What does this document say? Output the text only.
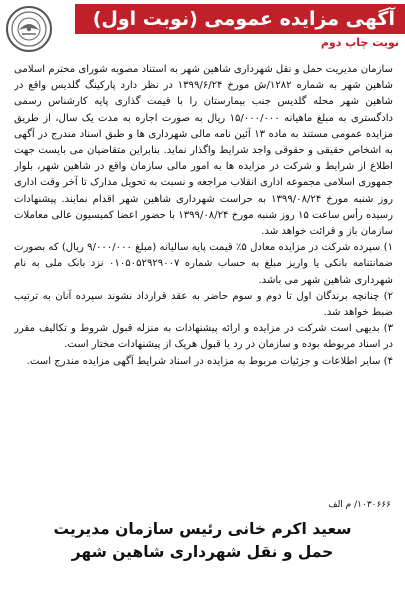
آگهی مزایده عمومی (نوبت اول)
نوبت چاپ دوم

سازمان مدیریت حمل و نقل شهرداری شاهین شهر به استناد مصوبه شورای محترم اسلامی شاهین شهر به شماره ۱۲۸۲/ش مورخ ۱۳۹۹/۶/۲۴ در نظر دارد پارکینگ گلدیس واقع در شاهین شهر محله گلدیس جنب بیمارستان را با قیمت گذاری پایه کارشناس رسمی دادگستری به مبلغ ماهیانه ۱۵/۰۰۰/۰۰۰ ریال به صورت اجاره به مدت یک سال، از طریق مزایده عمومی مستند به ماده ۱۳ آئین نامه مالی شهرداری ها و طبق اسناد مندرج در آگهی به اشخاص حقیقی و حقوقی واجد شرایط واگذار نماید. بنابراین متقاضیان می بایست جهت اطلاع از شرایط و شرکت در مزایده ها به امور مالی سازمان واقع در شاهین شهر، بلوار جمهوری اسلامی مجموعه اداری انقلاب مراجعه و نسبت به تحویل مدارک تا آخر وقت اداری روز شنبه مورخ ۱۳۹۹/۰۸/۲۴ به حراست شهرداری شاهین شهر اقدام نمایند. پیشنهادات رسیده رأس ساعت ۱۵ روز شنبه مورخ ۱۳۹۹/۰۸/۲۴ با حضور اعضا کمیسیون عالی معاملات سازمان باز و قرائت خواهد شد.

۱) سپرده شرکت در مزایده معادل ۵٪ قیمت پایه سالیانه (مبلغ ۹/۰۰۰/۰۰۰ ریال) که بصورت ضمانتنامه بانکی یا واریز مبلغ به حساب شماره ۰۱۰۵۰۵۲۹۲۹۰۰۷ نزد بانک ملی به نام شهرداری شاهین شهر می باشد.

۲) چنانچه برندگان اول تا دوم و سوم حاضر به عقد قرارداد نشوند سپرده آنان به ترتیب ضبط خواهد شد.

۳) بدیهی است شرکت در مزایده و ارائه پیشنهادات به منزله قبول شروط و تکالیف مقرر در اسناد مربوطه بوده و سازمان در رد یا قبول هریک از پیشنهادات مختار است.

۴) سایر اطلاعات و جزئیات مربوط به مزایده در اسناد شرایط آگهی مزایده مندرج است.

۱۰۳۰۶۶۶/ م الف
سعید اکرم خانی رئیس سازمان مدیریت
حمل و نقل شهرداری شاهین شهر
